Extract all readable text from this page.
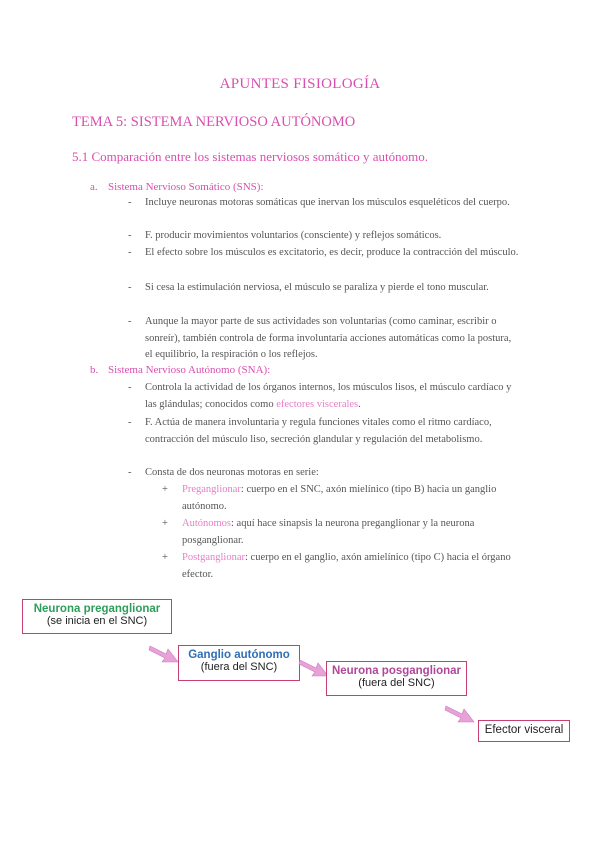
APUNTES FISIOLOGÍA
TEMA 5: SISTEMA NERVIOSO AUTÓNOMO
5.1 Comparación entre los sistemas nerviosos somático y autónomo.
a. Sistema Nervioso Somático (SNS):
- Incluye neuronas motoras somáticas que inervan los músculos esqueléticos del cuerpo.
- F. producir movimientos voluntarios (consciente) y reflejos somáticos.
- El efecto sobre los músculos es excitatorio, es decir, produce la contracción del músculo.
- Si cesa la estimulación nerviosa, el músculo se paraliza y pierde el tono muscular.
- Aunque la mayor parte de sus actividades son voluntarias (como caminar, escribir o sonreír), también controla de forma involuntaria acciones automáticas como la postura, el equilibrio, la respiración o los reflejos.
b. Sistema Nervioso Autónomo (SNA):
- Controla la actividad de los órganos internos, los músculos lisos, el músculo cardíaco y las glándulas; conocidos como efectores viscerales.
- F. Actúa de manera involuntaria y regula funciones vitales como el ritmo cardíaco, contracción del músculo liso, secreción glandular y regulación del metabolismo.
- Consta de dos neuronas motoras en serie:
+ Preganglionar: cuerpo en el SNC, axón mielínico (tipo B) hacia un ganglio autónomo.
+ Autónomos: aquí hace sinapsis la neurona preganglionar y la neurona posganglionar.
+ Postganglionar: cuerpo en el ganglio, axón amielínico (tipo C) hacia el órgano efector.
Neurona preganglionar
(se inicia en el SNC)
Ganglio autónomo
(fuera del SNC)	Neurona posganglionar
(fuera del SNC)
Efector visceral
